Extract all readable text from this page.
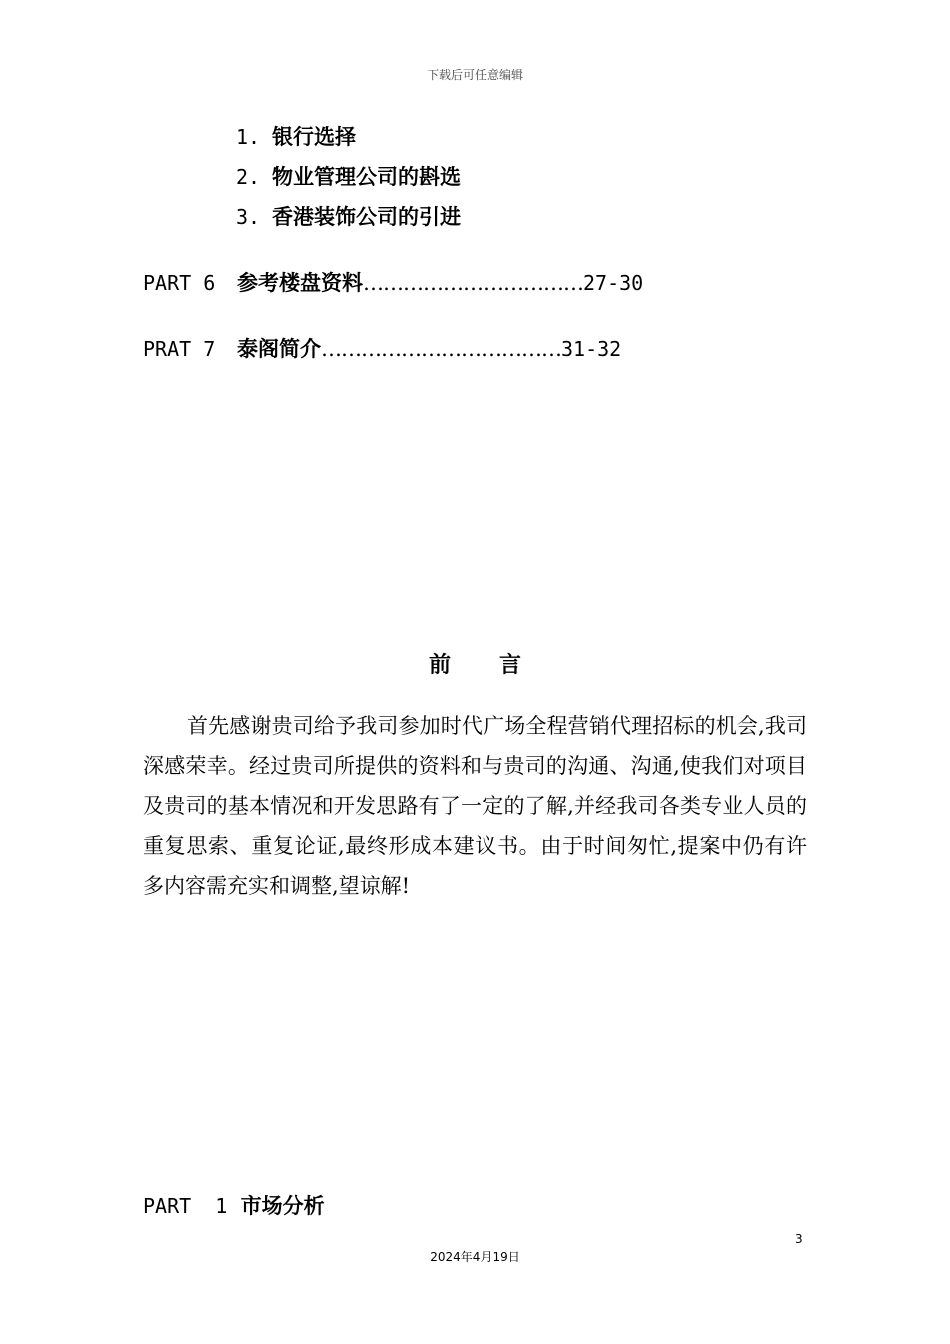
下载后可任意编辑
1. 银行选择
2. 物业管理公司的斟选
3. 香港装饰公司的引进
PART 6 参考楼盘资料……………………………27-30
PRAT 7 泰阁简介………………………………31-32
前言
首先感谢贵司给予我司参加时代广场全程营销代理招标的机会,我司深感荣幸。经过贵司所提供的资料和与贵司的沟通、沟通,使我们对项目及贵司的基本情况和开发思路有了一定的了解,并经我司各类专业人员的重复思索、重复论证,最终形成本建议书。由于时间匆忙,提案中仍有许多内容需充实和调整,望谅解!
PART  1 市场分析
3
2024年4月19日
